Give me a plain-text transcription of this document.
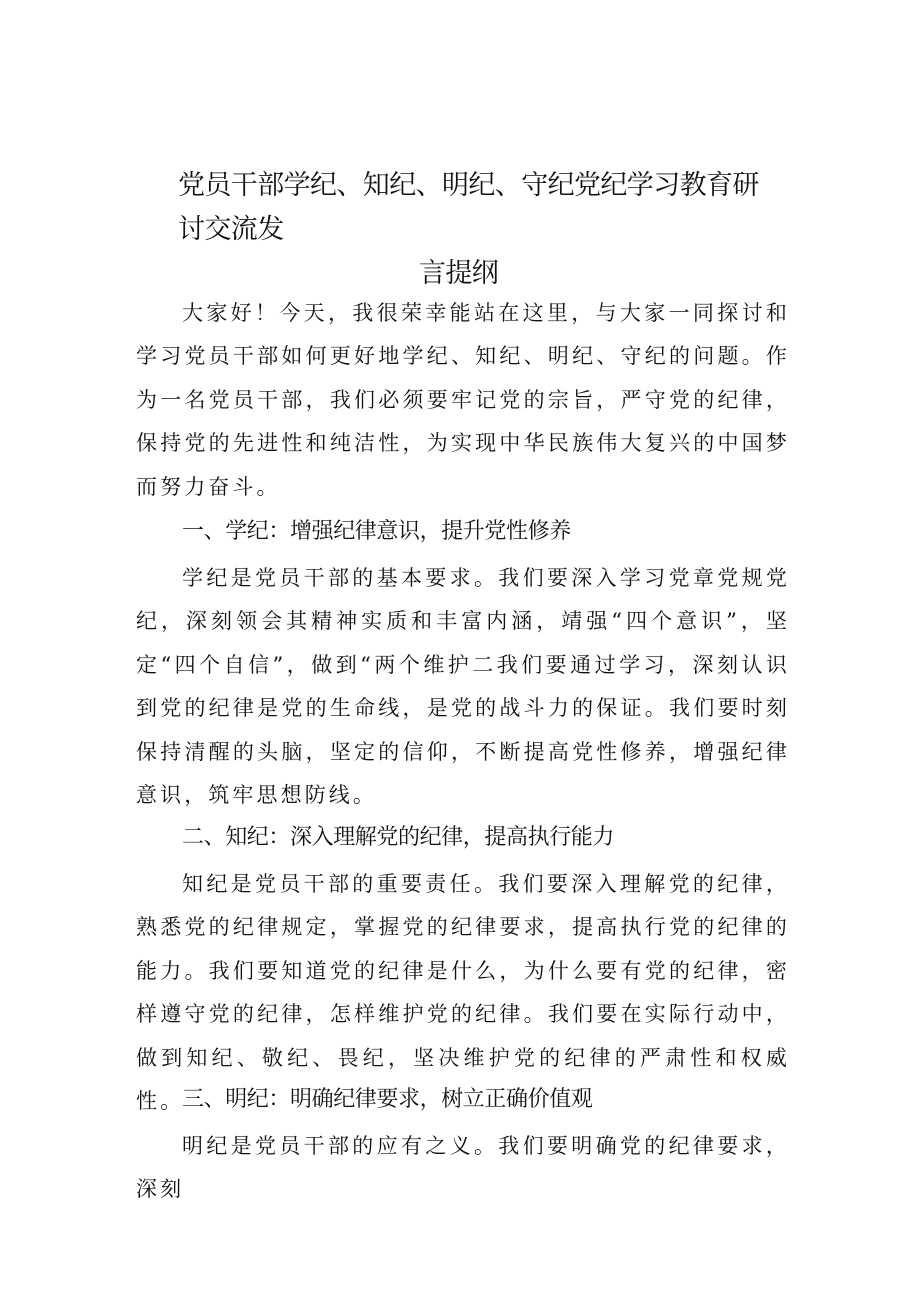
党员干部学纪、知纪、明纪、守纪党纪学习教育研讨交流发
言提纲

大家好！今天，我很荣幸能站在这里，与大家一同探讨和学习党员干部如何更好地学纪、知纪、明纪、守纪的问题。作为一名党员干部，我们必须要牢记党的宗旨，严守党的纪律，保持党的先进性和纯洁性，为实现中华民族伟大复兴的中国梦而努力奋斗。

一、学纪：增强纪律意识，提升党性修养

学纪是党员干部的基本要求。我们要深入学习党章党规党纪，深刻领会其精神实质和丰富内涵，靖强“四个意识”，坚定“四个自信”，做到“两个维护二我们要通过学习，深刻认识到党的纪律是党的生命线，是党的战斗力的保证。我们要时刻保持清醒的头脑，坚定的信仰，不断提高党性修养，增强纪律意识，筑牢思想防线。

二、知纪：深入理解党的纪律，提高执行能力

知纪是党员干部的重要责任。我们要深入理解党的纪律，熟悉党的纪律规定，掌握党的纪律要求，提高执行党的纪律的能力。我们要知道党的纪律是什么，为什么要有党的纪律，密样遵守党的纪律，怎样维护党的纪律。我们要在实际行动中，做到知纪、敬纪、畏纪，坚决维护党的纪律的严肃性和权威性。

三、明纪：明确纪律要求，树立正确价值观

明纪是党员干部的应有之义。我们要明确党的纪律要求，深刻
